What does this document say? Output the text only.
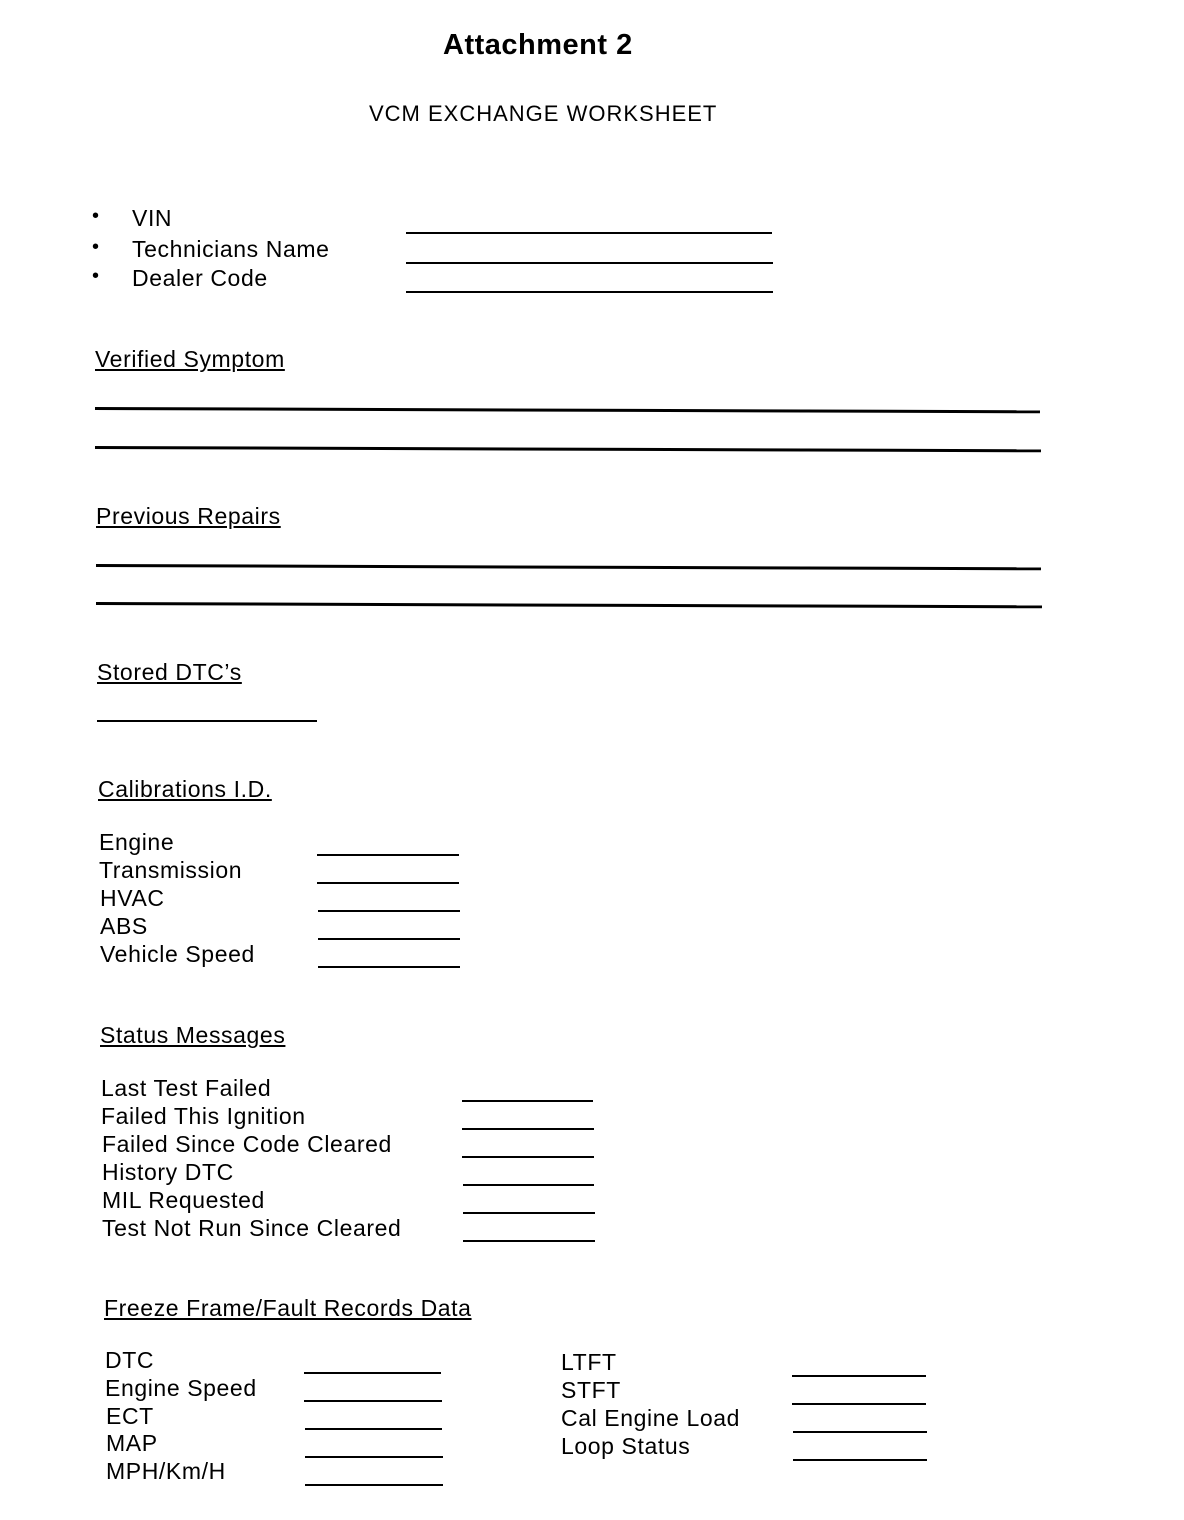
Attachment 2
VCM EXCHANGE WORKSHEET
• VIN
• Technicians Name
• Dealer Code
Verified Symptom
Previous Repairs
Stored DTC’s
Calibrations I.D.
Engine
Transmission
HVAC
ABS
Vehicle Speed
Status Messages
Last Test Failed
Failed This Ignition
Failed Since Code Cleared
History DTC
MIL Requested
Test Not Run Since Cleared
Freeze Frame/Fault Records Data
DTC
Engine Speed
ECT
MAP
MPH/Km/H
LTFT
STFT
Cal Engine Load
Loop Status
